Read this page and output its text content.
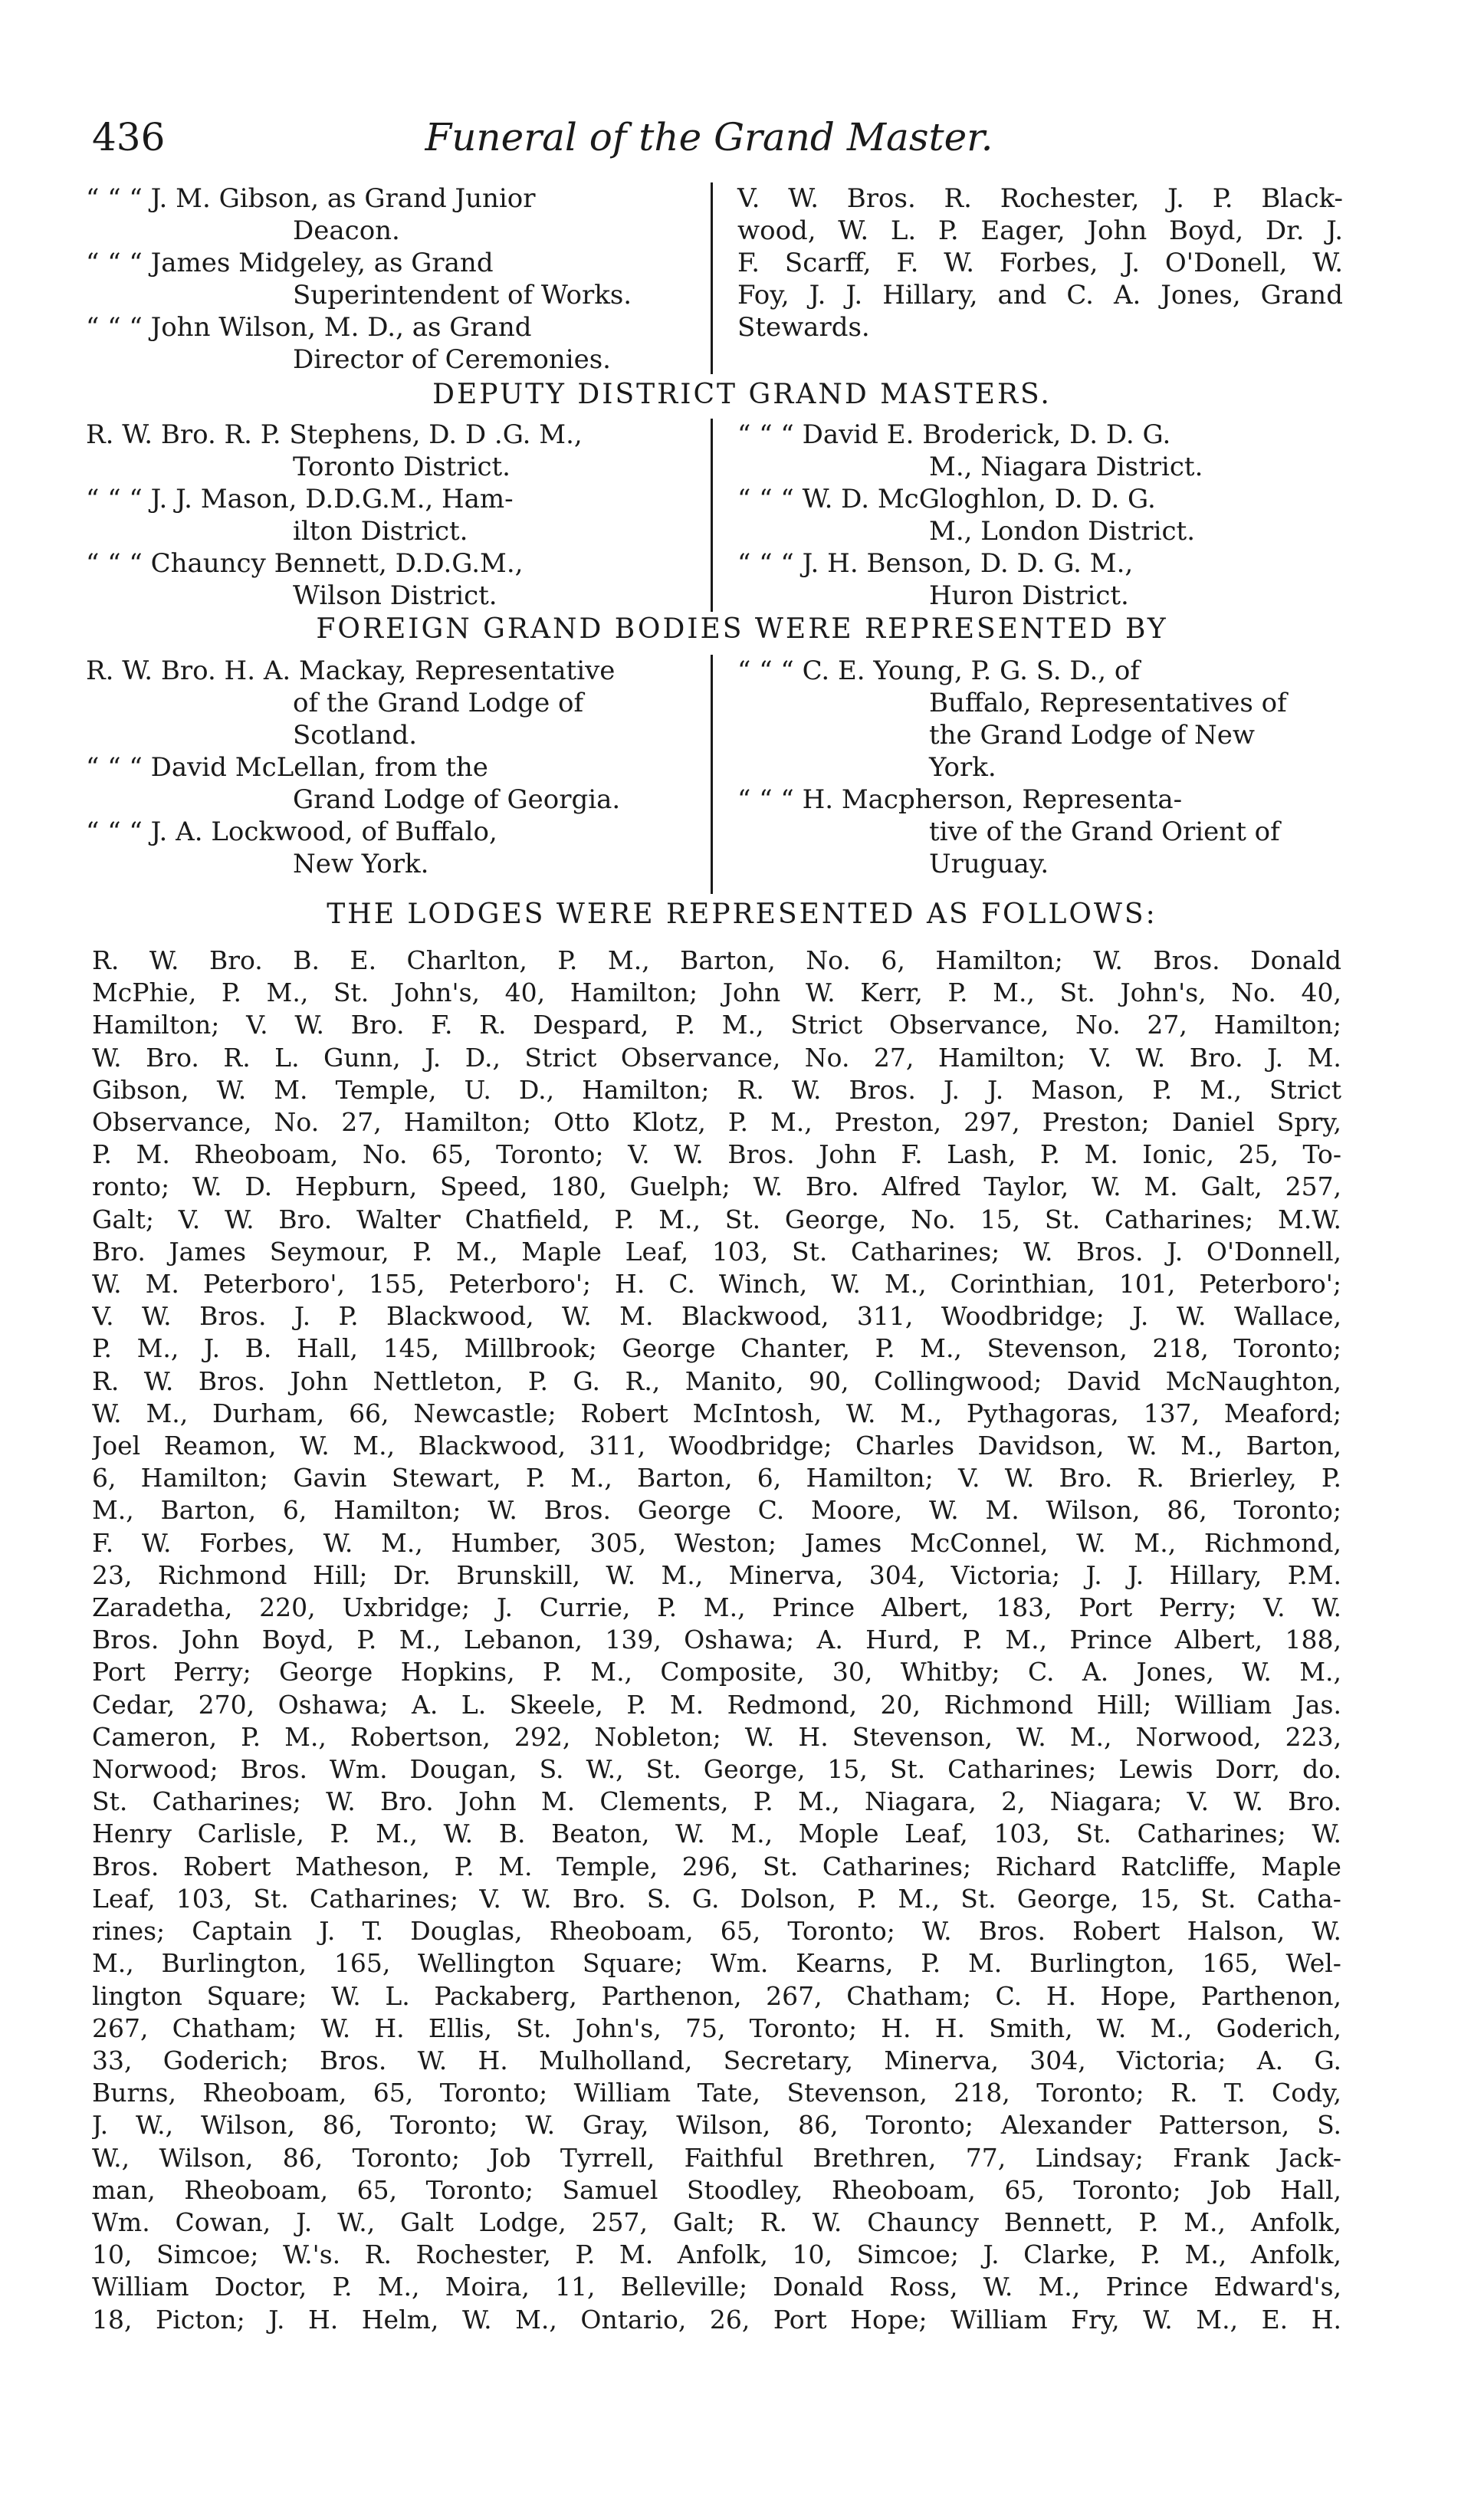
436	Funeral of the Grand Master.
“ “ “ J. M. Gibson, as Grand Junior
Deacon.
“ “ “ James Midgeley, as Grand
Superintendent of Works.
“ “ “ John Wilson, M. D., as Grand
Director of Ceremonies.
V. W. Bros. R. Rochester, J. P. Black-
wood, W. L. P. Eager, John Boyd, Dr. J.
F. Scarff, F. W. Forbes, J. O'Donell, W.
Foy, J. J. Hillary, and C. A. Jones, Grand
Stewards.
DEPUTY DISTRICT GRAND MASTERS.
R. W. Bro. R. P. Stephens, D. D .G. M.,
Toronto District.
“ “ “ J. J. Mason, D.D.G.M., Ham-
ilton District.
“ “ “ Chauncy Bennett, D.D.G.M.,
Wilson District.
“ “ “ David E. Broderick, D. D. G.
M., Niagara District.
“ “ “ W. D. McGloghlon, D. D. G.
M., London District.
“ “ “ J. H. Benson, D. D. G. M.,
Huron District.
FOREIGN GRAND BODIES WERE REPRESENTED BY
R. W. Bro. H. A. Mackay, Representative
of the Grand Lodge of
Scotland.
“ “ “ David McLellan, from the
Grand Lodge of Georgia.
“ “ “ J. A. Lockwood, of Buffalo,
New York.
“ “ “ C. E. Young, P. G. S. D., of
Buffalo, Representatives of
the Grand Lodge of New
York.
“ “ “ H. Macpherson, Representa-
tive of the Grand Orient of
Uruguay.
THE LODGES WERE REPRESENTED AS FOLLOWS:
R. W. Bro. B. E. Charlton, P. M., Barton, No. 6, Hamilton; W. Bros. Donald
McPhie, P. M., St. John's, 40, Hamilton; John W. Kerr, P. M., St. John's, No. 40,
Hamilton; V. W. Bro. F. R. Despard, P. M., Strict Observance, No. 27, Hamilton;
W. Bro. R. L. Gunn, J. D., Strict Observance, No. 27, Hamilton; V. W. Bro. J. M.
Gibson, W. M. Temple, U. D., Hamilton; R. W. Bros. J. J. Mason, P. M., Strict
Observance, No. 27, Hamilton; Otto Klotz, P. M., Preston, 297, Preston; Daniel Spry,
P. M. Rheoboam, No. 65, Toronto; V. W. Bros. John F. Lash, P. M. Ionic, 25, To-
ronto; W. D. Hepburn, Speed, 180, Guelph; W. Bro. Alfred Taylor, W. M. Galt, 257,
Galt; V. W. Bro. Walter Chatfield, P. M., St. George, No. 15, St. Catharines; M.W.
Bro. James Seymour, P. M., Maple Leaf, 103, St. Catharines; W. Bros. J. O'Donnell,
W. M. Peterboro', 155, Peterboro'; H. C. Winch, W. M., Corinthian, 101, Peterboro';
V. W. Bros. J. P. Blackwood, W. M. Blackwood, 311, Woodbridge; J. W. Wallace,
P. M., J. B. Hall, 145, Millbrook; George Chanter, P. M., Stevenson, 218, Toronto;
R. W. Bros. John Nettleton, P. G. R., Manito, 90, Collingwood; David McNaughton,
W. M., Durham, 66, Newcastle; Robert McIntosh, W. M., Pythagoras, 137, Meaford;
Joel Reamon, W. M., Blackwood, 311, Woodbridge; Charles Davidson, W. M., Barton,
6, Hamilton; Gavin Stewart, P. M., Barton, 6, Hamilton; V. W. Bro. R. Brierley, P.
M., Barton, 6, Hamilton; W. Bros. George C. Moore, W. M. Wilson, 86, Toronto;
F. W. Forbes, W. M., Humber, 305, Weston; James McConnel, W. M., Richmond,
23, Richmond Hill; Dr. Brunskill, W. M., Minerva, 304, Victoria; J. J. Hillary, P.M.
Zaradetha, 220, Uxbridge; J. Currie, P. M., Prince Albert, 183, Port Perry; V. W.
Bros. John Boyd, P. M., Lebanon, 139, Oshawa; A. Hurd, P. M., Prince Albert, 188,
Port Perry; George Hopkins, P. M., Composite, 30, Whitby; C. A. Jones, W. M.,
Cedar, 270, Oshawa; A. L. Skeele, P. M. Redmond, 20, Richmond Hill; William Jas.
Cameron, P. M., Robertson, 292, Nobleton; W. H. Stevenson, W. M., Norwood, 223,
Norwood; Bros. Wm. Dougan, S. W., St. George, 15, St. Catharines; Lewis Dorr, do.
St. Catharines; W. Bro. John M. Clements, P. M., Niagara, 2, Niagara; V. W. Bro.
Henry Carlisle, P. M., W. B. Beaton, W. M., Mople Leaf, 103, St. Catharines; W.
Bros. Robert Matheson, P. M. Temple, 296, St. Catharines; Richard Ratcliffe, Maple
Leaf, 103, St. Catharines; V. W. Bro. S. G. Dolson, P. M., St. George, 15, St. Catha-
rines; Captain J. T. Douglas, Rheoboam, 65, Toronto; W. Bros. Robert Halson, W.
M., Burlington, 165, Wellington Square; Wm. Kearns, P. M. Burlington, 165, Wel-
lington Square; W. L. Packaberg, Parthenon, 267, Chatham; C. H. Hope, Parthenon,
267, Chatham; W. H. Ellis, St. John's, 75, Toronto; H. H. Smith, W. M., Goderich,
33, Goderich; Bros. W. H. Mulholland, Secretary, Minerva, 304, Victoria; A. G.
Burns, Rheoboam, 65, Toronto; William Tate, Stevenson, 218, Toronto; R. T. Cody,
J. W., Wilson, 86, Toronto; W. Gray, Wilson, 86, Toronto; Alexander Patterson, S.
W., Wilson, 86, Toronto; Job Tyrrell, Faithful Brethren, 77, Lindsay; Frank Jack-
man, Rheoboam, 65, Toronto; Samuel Stoodley, Rheoboam, 65, Toronto; Job Hall,
Wm. Cowan, J. W., Galt Lodge, 257, Galt; R. W. Chauncy Bennett, P. M., Anfolk,
10, Simcoe; W.'s. R. Rochester, P. M. Anfolk, 10, Simcoe; J. Clarke, P. M., Anfolk,
William Doctor, P. M., Moira, 11, Belleville; Donald Ross, W. M., Prince Edward's,
18, Picton; J. H. Helm, W. M., Ontario, 26, Port Hope; William Fry, W. M., E. H.
